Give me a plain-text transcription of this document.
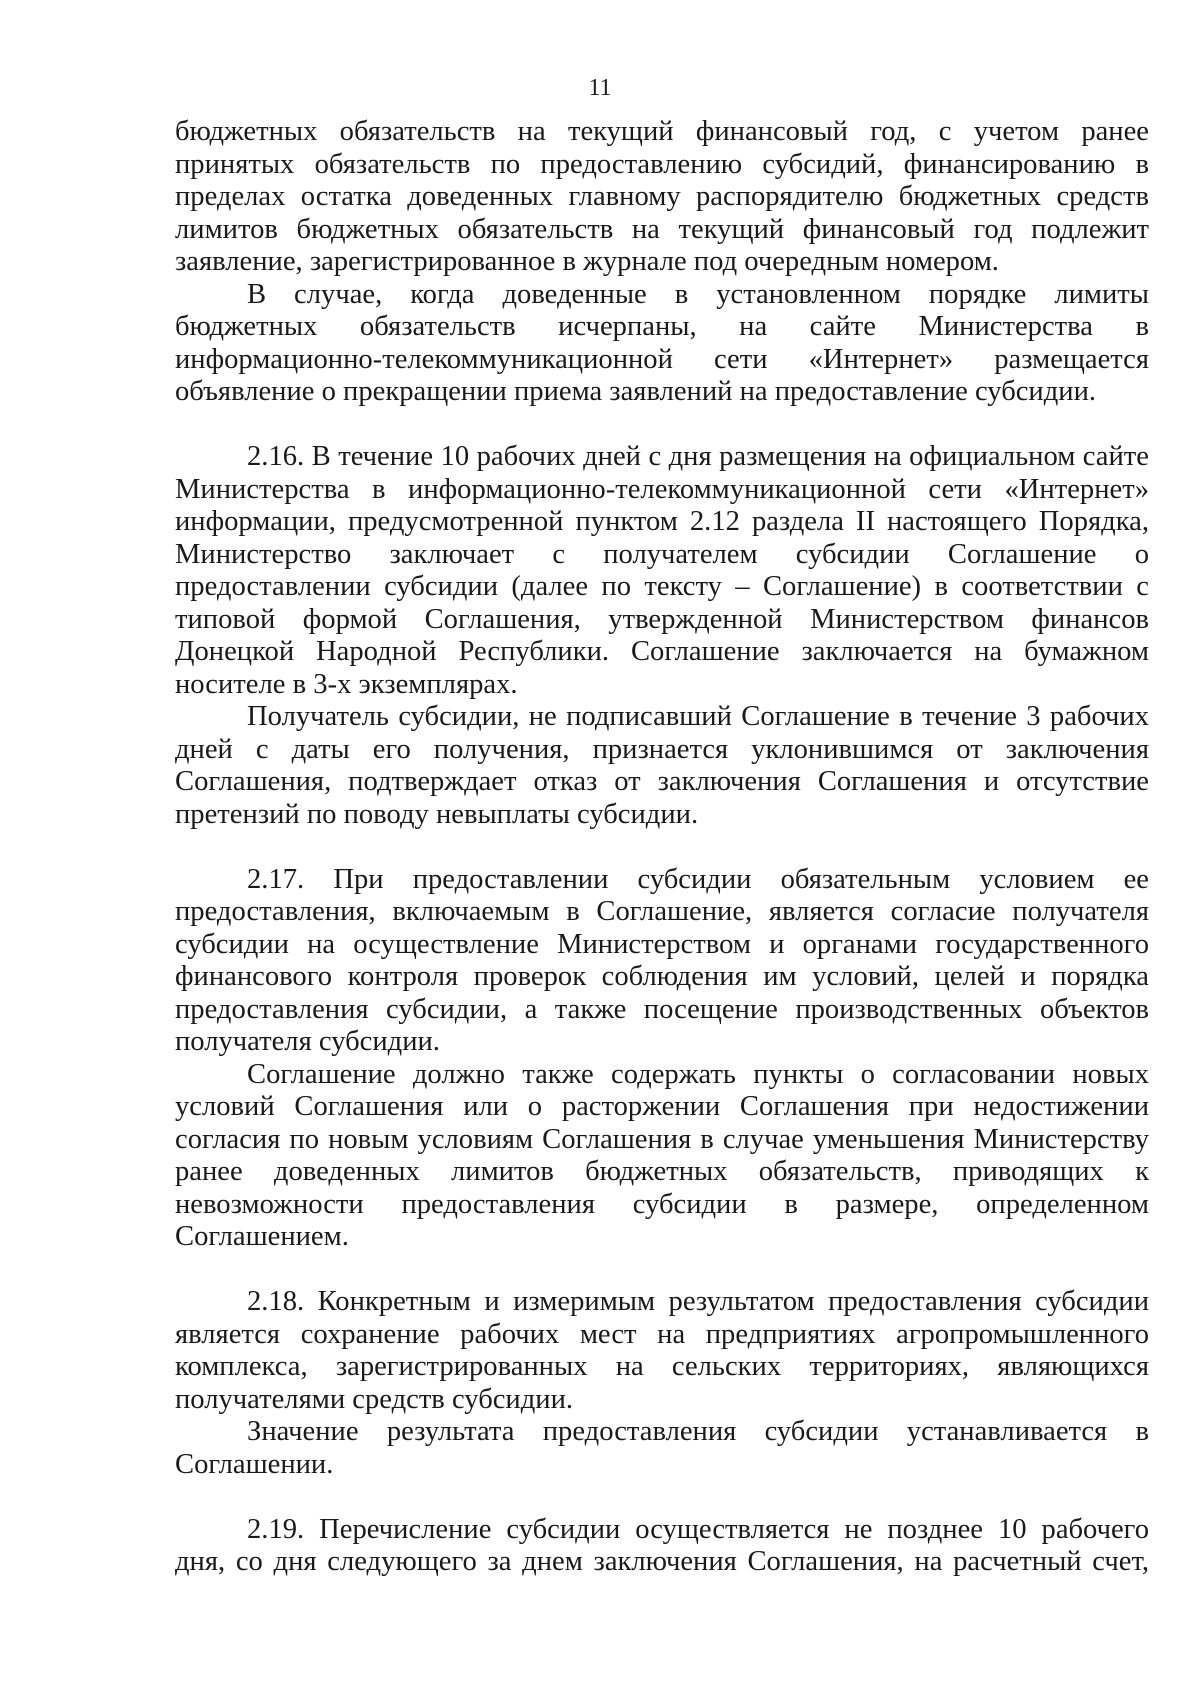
11

бюджетных обязательств на текущий финансовый год, с учетом ранее принятых обязательств по предоставлению субсидий, финансированию в пределах остатка доведенных главному распорядителю бюджетных средств лимитов бюджетных обязательств на текущий финансовый год подлежит заявление, зарегистрированное в журнале под очередным номером.

В случае, когда доведенные в установленном порядке лимиты бюджетных обязательств исчерпаны, на сайте Министерства в информационно-телекоммуникационной сети «Интернет» размещается объявление о прекращении приема заявлений на предоставление субсидии.

2.16. В течение 10 рабочих дней с дня размещения на официальном сайте Министерства в информационно-телекоммуникационной сети «Интернет» информации, предусмотренной пунктом 2.12 раздела II настоящего Порядка, Министерство заключает с получателем субсидии Соглашение о предоставлении субсидии (далее по тексту – Соглашение) в соответствии с типовой формой Соглашения, утвержденной Министерством финансов Донецкой Народной Республики. Соглашение заключается на бумажном носителе в 3-х экземплярах.

Получатель субсидии, не подписавший Соглашение в течение 3 рабочих дней с даты его получения, признается уклонившимся от заключения Соглашения, подтверждает отказ от заключения Соглашения и отсутствие претензий по поводу невыплаты субсидии.

2.17. При предоставлении субсидии обязательным условием ее предоставления, включаемым в Соглашение, является согласие получателя субсидии на осуществление Министерством и органами государственного финансового контроля проверок соблюдения им условий, целей и порядка предоставления субсидии, а также посещение производственных объектов получателя субсидии.

Соглашение должно также содержать пункты о согласовании новых условий Соглашения или о расторжении Соглашения при недостижении согласия по новым условиям Соглашения в случае уменьшения Министерству ранее доведенных лимитов бюджетных обязательств, приводящих к невозможности предоставления субсидии в размере, определенном Соглашением.

2.18. Конкретным и измеримым результатом предоставления субсидии является сохранение рабочих мест на предприятиях агропромышленного комплекса, зарегистрированных на сельских территориях, являющихся получателями средств субсидии.

Значение результата предоставления субсидии устанавливается в Соглашении.

2.19. Перечисление субсидии осуществляется не позднее 10 рабочего дня, со дня следующего за днем заключения Соглашения, на расчетный счет,
